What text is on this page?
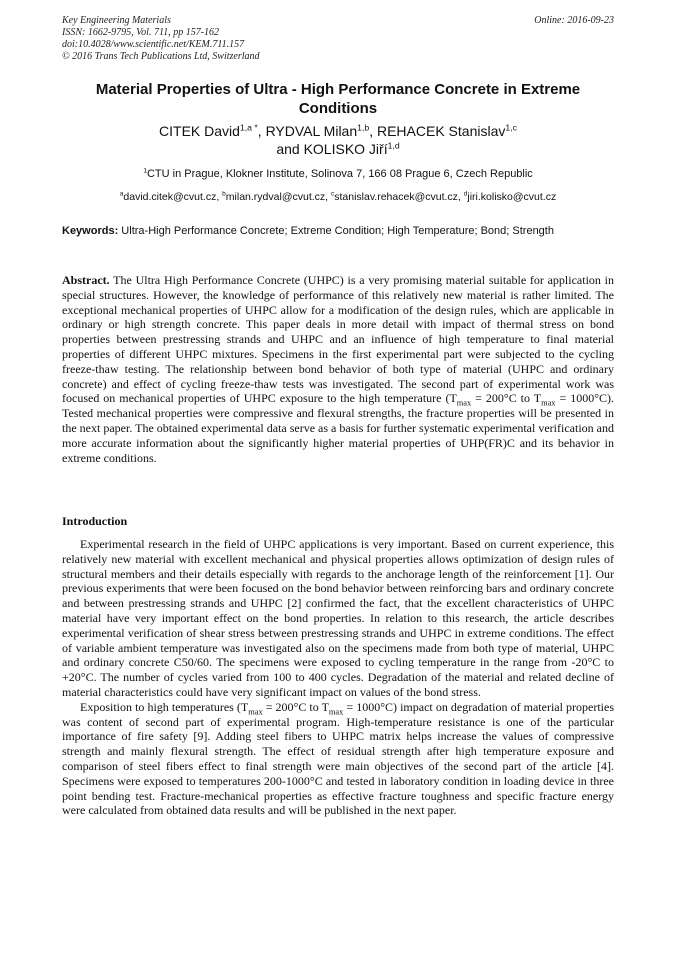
Key Engineering Materials
ISSN: 1662-9795, Vol. 711, pp 157-162
doi:10.4028/www.scientific.net/KEM.711.157
© 2016 Trans Tech Publications Ltd, Switzerland
Online: 2016-09-23
Material Properties of Ultra - High Performance Concrete in Extreme Conditions
CITEK David$^{1,a *}$, RYDVAL Milan$^{1,b}$, REHACEK Stanislav$^{1,c}$
and KOLISKO Jiří$^{1,d}$
$^1$CTU in Prague, Klokner Institute, Solinova 7, 166 08 Prague 6, Czech Republic
$^a$david.citek@cvut.cz, $^b$milan.rydval@cvut.cz, $^c$stanislav.rehacek@cvut.cz, $^d$jiri.kolisko@cvut.cz
Keywords: Ultra-High Performance Concrete; Extreme Condition; High Temperature; Bond; Strength

Abstract. The Ultra High Performance Concrete (UHPC) is a very promising material suitable for application in special structures. However, the knowledge of performance of this relatively new material is rather limited. The exceptional mechanical properties of UHPC allow for a modification of the design rules, which are applicable in ordinary or high strength concrete. This paper deals in more detail with impact of thermal stress on bond properties between prestressing strands and UHPC and an influence of high temperature to final material properties of different UHPC mixtures. Specimens in the first experimental part were subjected to the cycling freeze-thaw testing. The relationship between bond behavior of both type of material (UHPC and ordinary concrete) and effect of cycling freeze-thaw tests was investigated. The second part of experimental work was focused on mechanical properties of UHPC exposure to the high temperature ($T_{max} = 200^\circ C$ to $T_{max} = 1000^\circ C$). Tested mechanical properties were compressive and flexural strengths, the fracture properties will be presented in the next paper. The obtained experimental data serve as a basis for further systematic experimental verification and more accurate information about the significantly higher material properties of UHP(FR)C and its behavior in extreme conditions.

Introduction

Experimental research in the field of UHPC applications is very important. Based on current experience, this relatively new material with excellent mechanical and physical properties allows optimization of design rules of structural members and their details especially with regards to the anchorage length of the reinforcement [1]. Our previous experiments that were been focused on the bond behavior between reinforcing bars and ordinary concrete and between prestressing strands and UHPC [2] confirmed the fact, that the excellent characteristics of UHPC material have very important effect on the bond properties. In relation to this research, the article describes experimental verification of shear stress between prestressing strands and UHPC in extreme conditions. The effect of variable ambient temperature was investigated also on the specimens made from both type of material, UHPC and ordinary concrete C50/60. The specimens were exposed to cycling temperature in the range from -20°C to +20°C. The number of cycles varied from 100 to 400 cycles. Degradation of the material and related decline of material characteristics could have very significant impact on values of the bond stress.

Exposition to high temperatures ($T_{max} = 200^\circ C$ to $T_{max} = 1000^\circ C$) impact on degradation of material properties was content of second part of experimental program. High-temperature resistance is one of the particular importance of fire safety [9]. Adding steel fibers to UHPC matrix helps increase the values of compressive strength and mainly flexural strength. The effect of residual strength after high temperature exposure and comparison of steel fibers effect to final strength were main objectives of the second part of the article [4]. Specimens were exposed to temperatures 200-1000°C and tested in laboratory condition in loading device in three point bending test. Fracture-mechanical properties as effective fracture toughness and specific fracture energy were calculated from obtained data results and will be published in the next paper.
